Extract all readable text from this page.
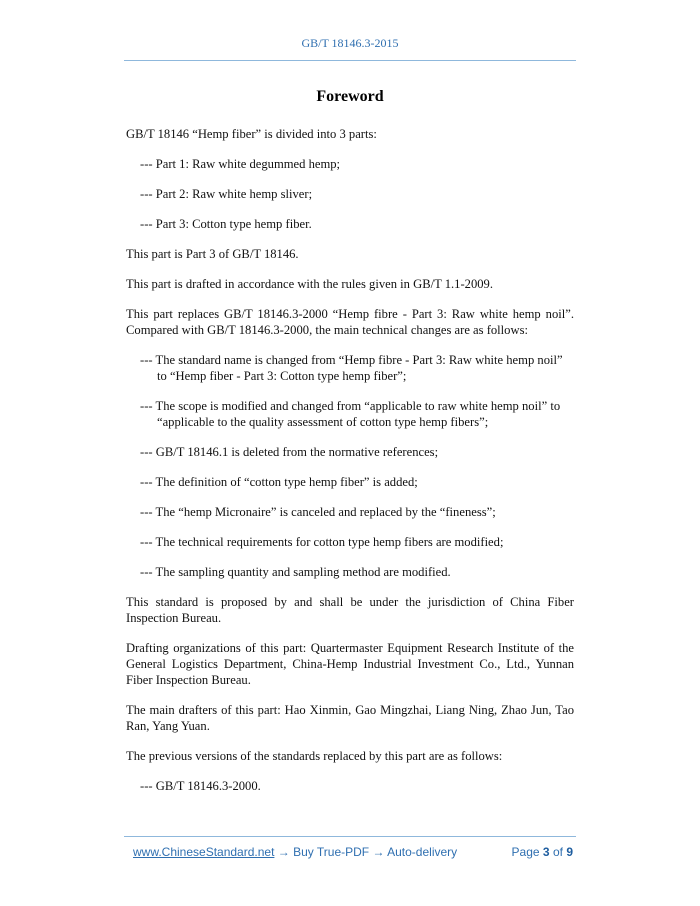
GB/T 18146.3-2015
Foreword

GB/T 18146 “Hemp fiber” is divided into 3 parts:

--- Part 1: Raw white degummed hemp;

--- Part 2: Raw white hemp sliver;

--- Part 3: Cotton type hemp fiber.

This part is Part 3 of GB/T 18146.

This part is drafted in accordance with the rules given in GB/T 1.1-2009.

This part replaces GB/T 18146.3-2000 “Hemp fibre - Part 3: Raw white hemp noil”. Compared with GB/T 18146.3-2000, the main technical changes are as follows:

--- The standard name is changed from “Hemp fibre - Part 3: Raw white hemp noil” to “Hemp fiber - Part 3: Cotton type hemp fiber”;

--- The scope is modified and changed from “applicable to raw white hemp noil” to “applicable to the quality assessment of cotton type hemp fibers”;

--- GB/T 18146.1 is deleted from the normative references;

--- The definition of “cotton type hemp fiber” is added;

--- The “hemp Micronaire” is canceled and replaced by the “fineness”;

--- The technical requirements for cotton type hemp fibers are modified;

--- The sampling quantity and sampling method are modified.

This standard is proposed by and shall be under the jurisdiction of China Fiber Inspection Bureau.

Drafting organizations of this part: Quartermaster Equipment Research Institute of the General Logistics Department, China-Hemp Industrial Investment Co., Ltd., Yunnan Fiber Inspection Bureau.

The main drafters of this part: Hao Xinmin, Gao Mingzhai, Liang Ning, Zhao Jun, Tao Ran, Yang Yuan.

The previous versions of the standards replaced by this part are as follows:

--- GB/T 18146.3-2000.

www.ChineseStandard.net → Buy True-PDF → Auto-delivery	Page 3 of 9
